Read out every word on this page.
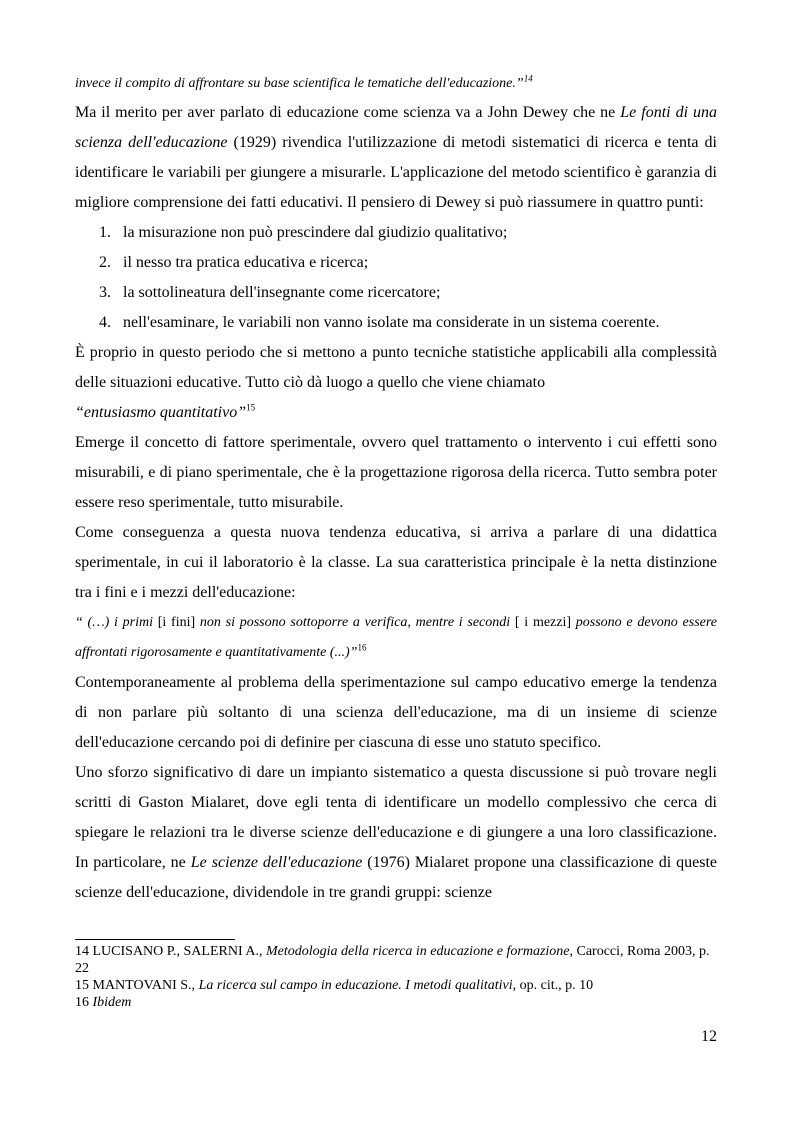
invece il compito di affrontare su base scientifica le tematiche dell'educazione.”$^{14}$

Ma il merito per aver parlato di educazione come scienza va a John Dewey che ne Le fonti di una scienza dell'educazione (1929) rivendica l'utilizzazione di metodi sistematici di ricerca e tenta di identificare le variabili per giungere a misurarle. L'applicazione del metodo scientifico è garanzia di migliore comprensione dei fatti educativi. Il pensiero di Dewey si può riassumere in quattro punti:

1. la misurazione non può prescindere dal giudizio qualitativo;
2. il nesso tra pratica educativa e ricerca;
3. la sottolineatura dell'insegnante come ricercatore;
4. nell'esaminare, le variabili non vanno isolate ma considerate in un sistema coerente.

È proprio in questo periodo che si mettono a punto tecniche statistiche applicabili alla complessità delle situazioni educative. Tutto ciò dà luogo a quello che viene chiamato
“entusiasmo quantitativo”$^{15}$

Emerge il concetto di fattore sperimentale, ovvero quel trattamento o intervento i cui effetti sono misurabili, e di piano sperimentale, che è la progettazione rigorosa della ricerca. Tutto sembra poter essere reso sperimentale, tutto misurabile.

Come conseguenza a questa nuova tendenza educativa, si arriva a parlare di una didattica sperimentale, in cui il laboratorio è la classe. La sua caratteristica principale è la netta distinzione tra i fini e i mezzi dell'educazione:

“ (…) i primi [i fini] non si possono sottoporre a verifica, mentre i secondi [ i mezzi] possono e devono essere affrontati rigorosamente e quantitativamente (...)”$^{16}$

Contemporaneamente al problema della sperimentazione sul campo educativo emerge la tendenza di non parlare più soltanto di una scienza dell'educazione, ma di un insieme di scienze dell'educazione cercando poi di definire per ciascuna di esse uno statuto specifico.

Uno sforzo significativo di dare un impianto sistematico a questa discussione si può trovare negli scritti di Gaston Mialaret, dove egli tenta di identificare un modello complessivo che cerca di spiegare le relazioni tra le diverse scienze dell'educazione e di giungere a una loro classificazione. In particolare, ne Le scienze dell'educazione (1976) Mialaret propone una classificazione di queste scienze dell'educazione, dividendole in tre grandi gruppi: scienze

14 LUCISANO P., SALERNI A., Metodologia della ricerca in educazione e formazione, Carocci, Roma 2003, p. 22
15 MANTOVANI S., La ricerca sul campo in educazione. I metodi qualitativi, op. cit., p. 10
16 Ibidem
12
